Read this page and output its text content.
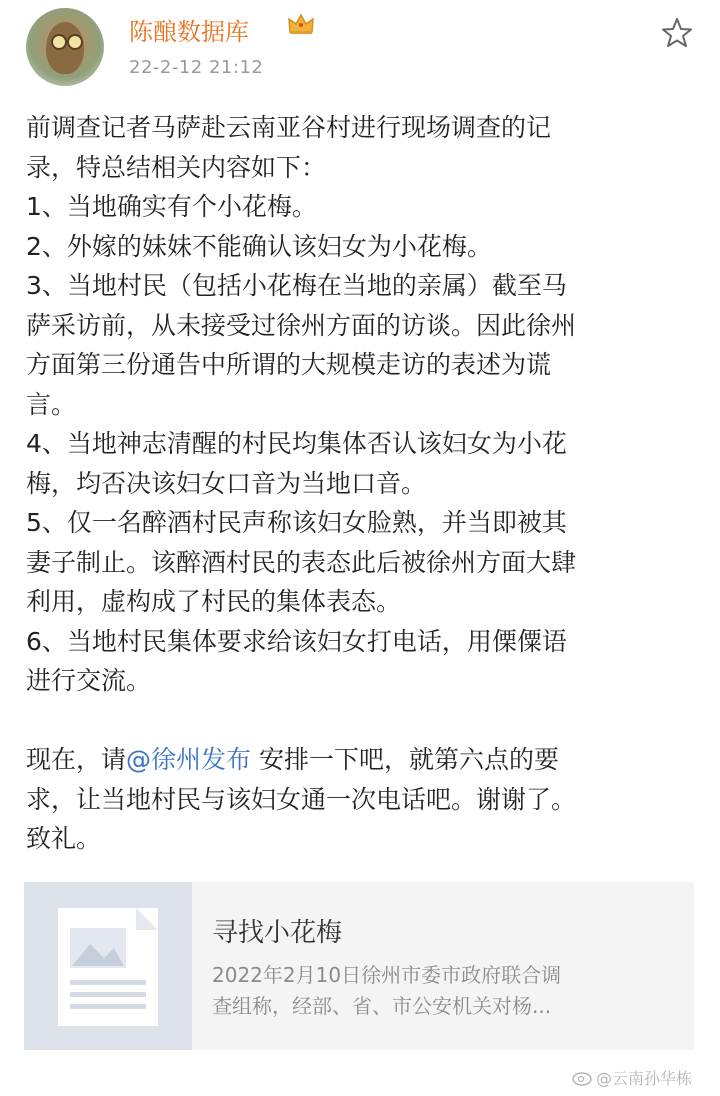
陈酿数据库
22-2-12 21:12

前调查记者马萨赴云南亚谷村进行现场调查的记

录，特总结相关内容如下：

1、当地确实有个小花梅。

2、外嫁的妹妹不能确认该妇女为小花梅。

3、当地村民（包括小花梅在当地的亲属）截至马

萨采访前，从未接受过徐州方面的访谈。因此徐州

方面第三份通告中所谓的大规模走访的表述为谎

言。

4、当地神志清醒的村民均集体否认该妇女为小花

梅，均否决该妇女口音为当地口音。

5、仅一名醉酒村民声称该妇女脸熟，并当即被其

妻子制止。该醉酒村民的表态此后被徐州方面大肆

利用，虚构成了村民的集体表态。

6、当地村民集体要求给该妇女打电话，用傈僳语

进行交流。

现在，请@徐州发布 安排一下吧，就第六点的要

求，让当地村民与该妇女通一次电话吧。谢谢了。

致礼。

寻找小花梅
2022年2月10日徐州市委市政府联合调
查组称，经部、省、市公安机关对杨...
@云南孙华栋
